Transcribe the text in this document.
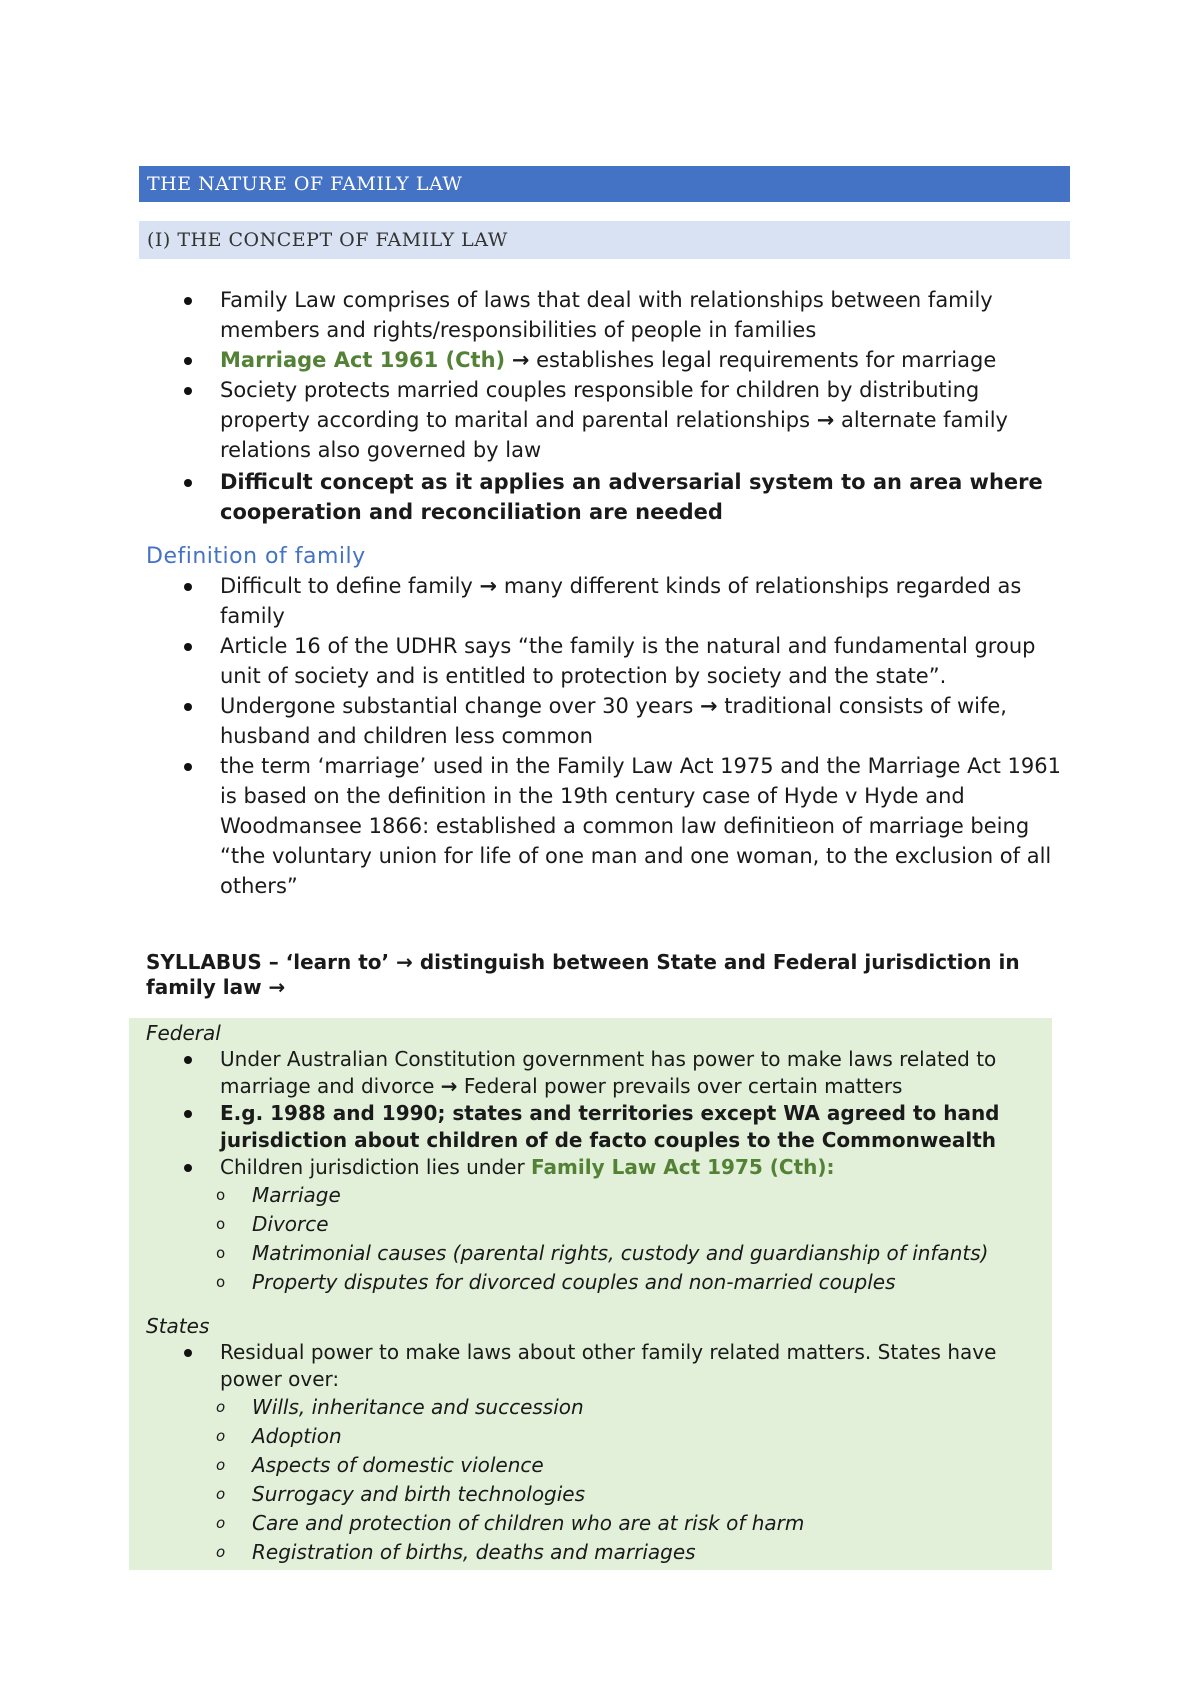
THE NATURE OF FAMILY LAW
(I) THE CONCEPT OF FAMILY LAW
Family Law comprises of laws that deal with relationships between family members and rights/responsibilities of people in families
Marriage Act 1961 (Cth) → establishes legal requirements for marriage
Society protects married couples responsible for children by distributing property according to marital and parental relationships → alternate family relations also governed by law
Difficult concept as it applies an adversarial system to an area where cooperation and reconciliation are needed
Definition of family
Difficult to define family → many different kinds of relationships regarded as family
Article 16 of the UDHR says “the family is the natural and fundamental group unit of society and is entitled to protection by society and the state”.
Undergone substantial change over 30 years → traditional consists of wife, husband and children less common
the term ‘marriage’ used in the Family Law Act 1975 and the Marriage Act 1961 is based on the definition in the 19th century case of Hyde v Hyde and Woodmansee 1866: established a common law definitieon of marriage being “the voluntary union for life of one man and one woman, to the exclusion of all others”
SYLLABUS – ‘learn to’ → distinguish between State and Federal jurisdiction in family law →
Federal
Under Australian Constitution government has power to make laws related to marriage and divorce → Federal power prevails over certain matters
E.g. 1988 and 1990; states and territories except WA agreed to hand jurisdiction about children of de facto couples to the Commonwealth
Children jurisdiction lies under Family Law Act 1975 (Cth):
o Marriage
o Divorce
o Matrimonial causes (parental rights, custody and guardianship of infants)
o Property disputes for divorced couples and non-married couples
States
Residual power to make laws about other family related matters. States have power over:
o Wills, inheritance and succession
o Adoption
o Aspects of domestic violence
o Surrogacy and birth technologies
o Care and protection of children who are at risk of harm
o Registration of births, deaths and marriages
